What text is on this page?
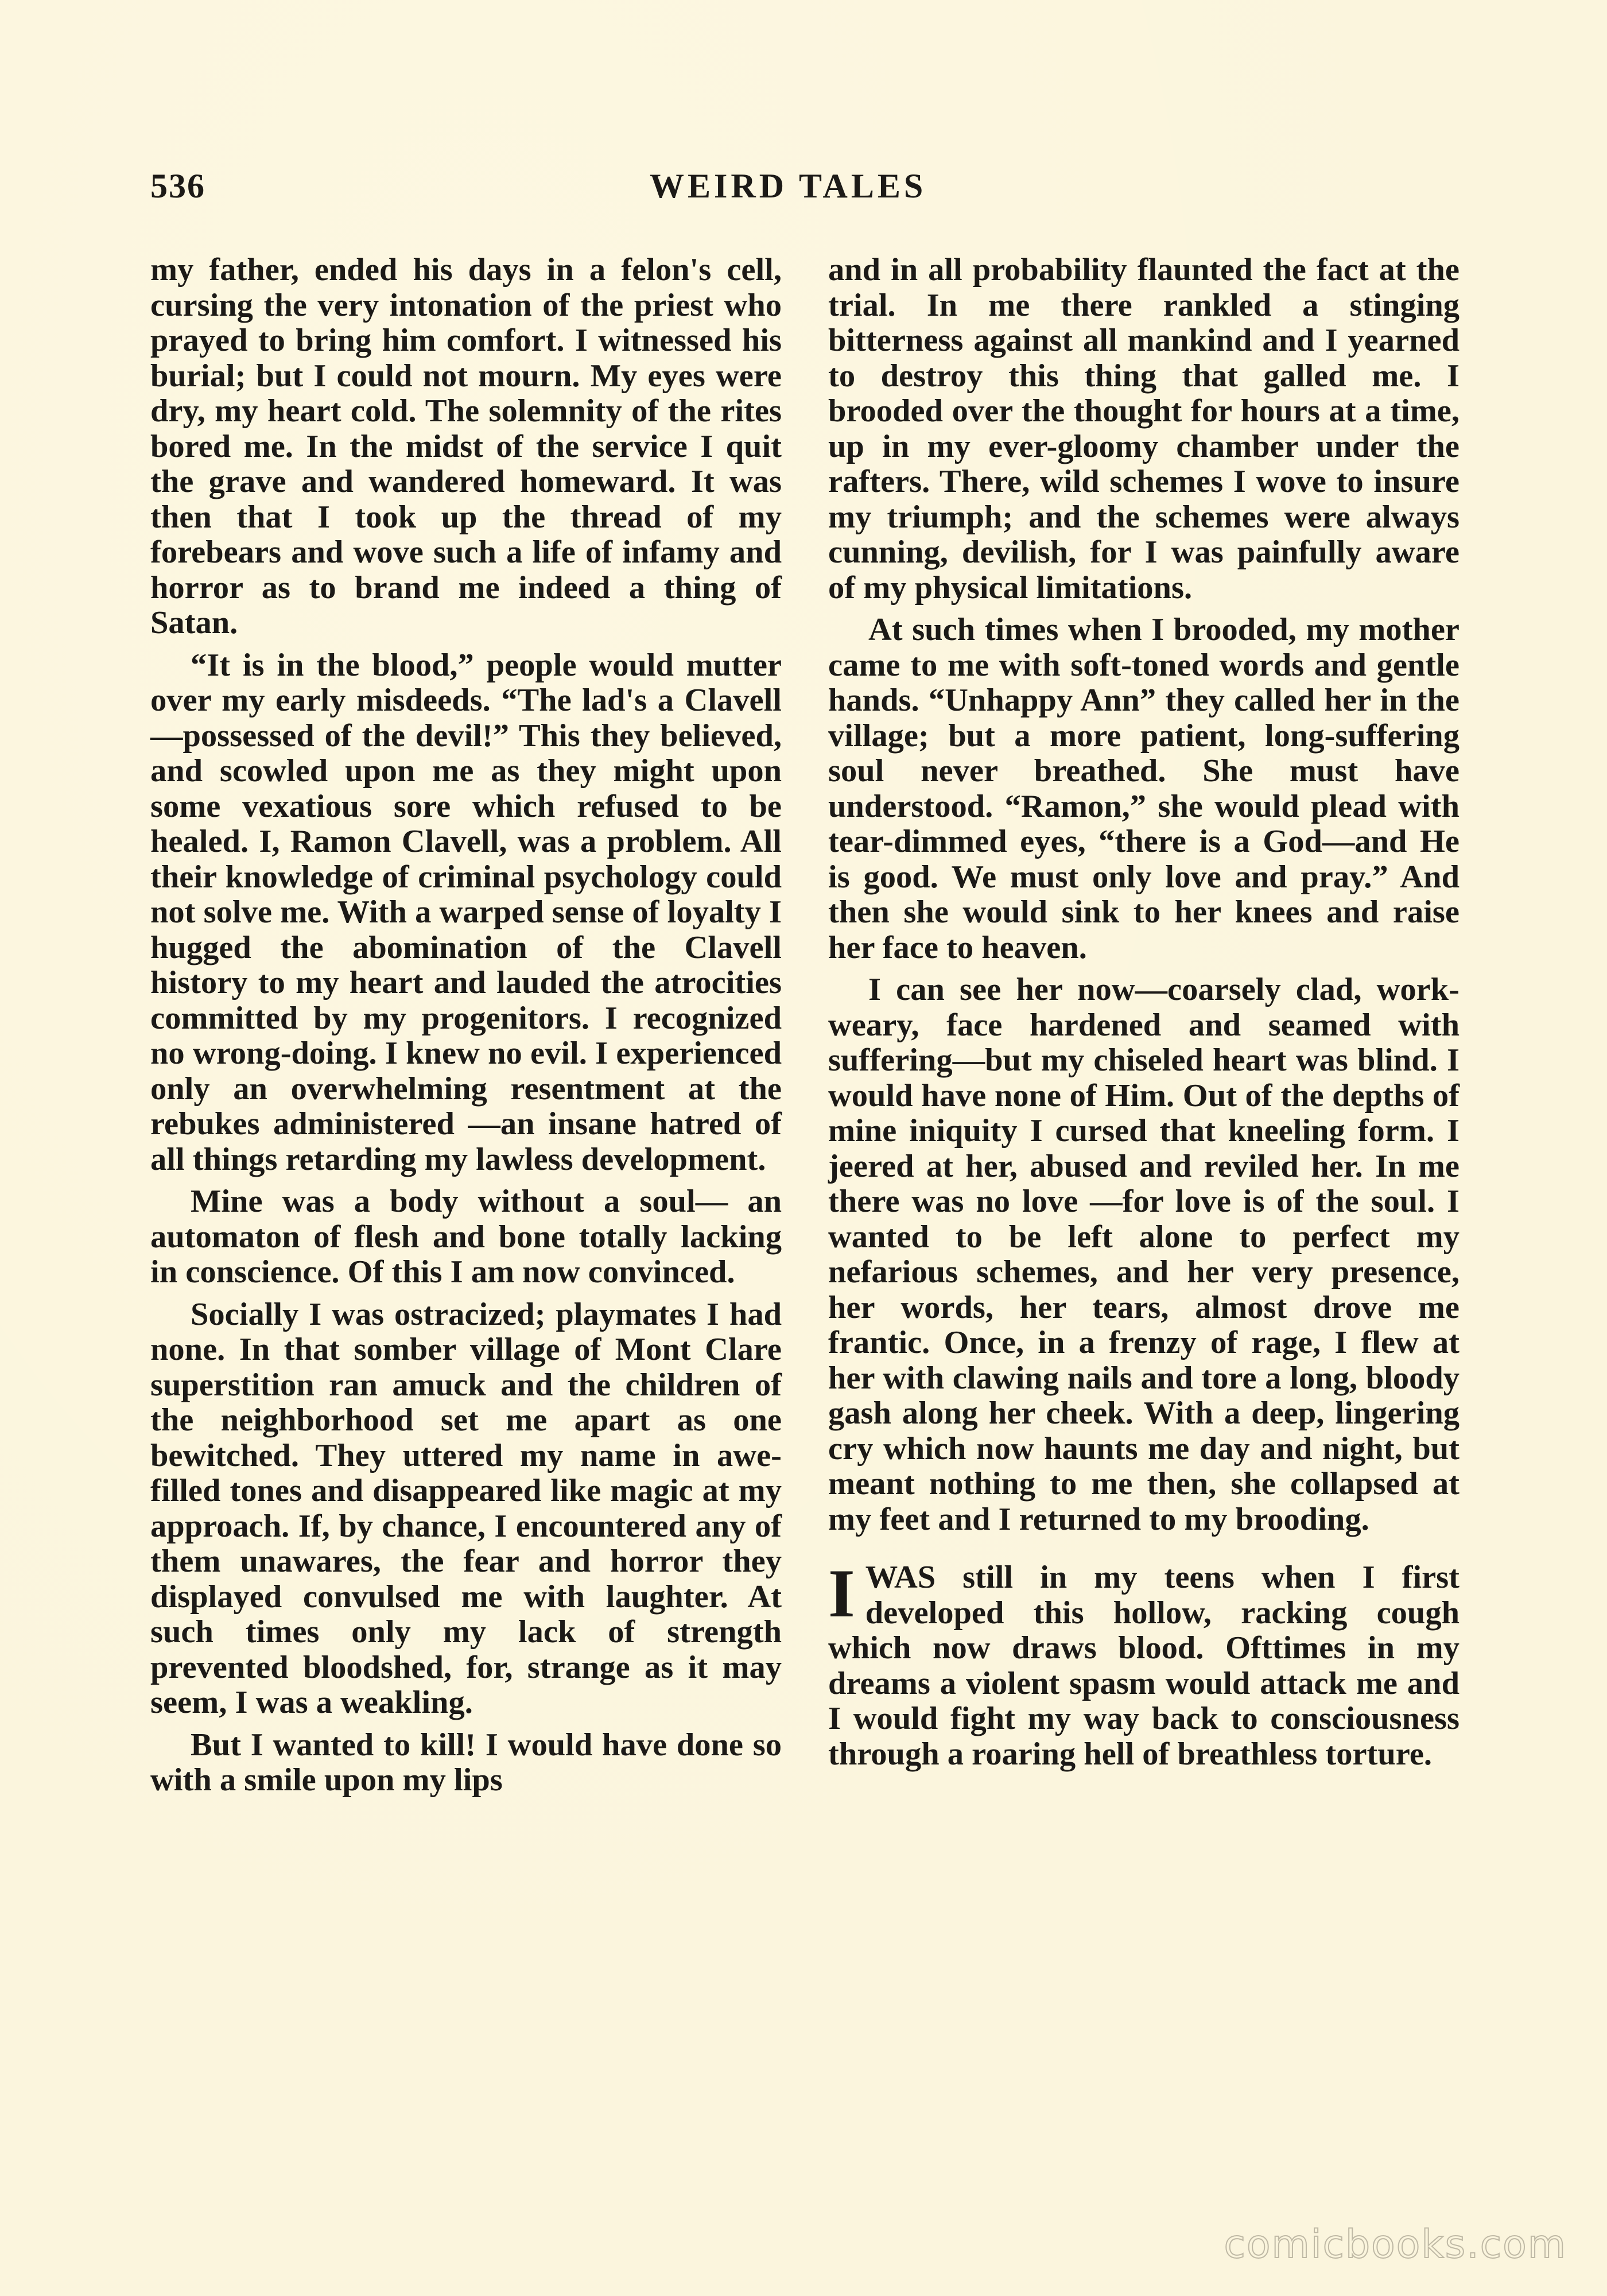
536	WEIRD TALES

my father, ended his days in a felon's cell, cursing the very intonation of the priest who prayed to bring him comfort. I witnessed his burial; but I could not mourn. My eyes were dry, my heart cold. The solemnity of the rites bored me. In the midst of the service I quit the grave and wandered homeward. It was then that I took up the thread of my forebears and wove such a life of infamy and horror as to brand me indeed a thing of Satan.

“It is in the blood,” people would mutter over my early misdeeds. “The lad's a Clavell—possessed of the devil!” This they believed, and scowled upon me as they might upon some vexatious sore which refused to be healed. I, Ramon Clavell, was a problem. All their knowledge of criminal psychology could not solve me. With a warped sense of loyalty I hugged the abomination of the Clavell history to my heart and lauded the atrocities committed by my progenitors. I recognized no wrong-doing. I knew no evil. I experienced only an overwhelming resentment at the rebukes administered —an insane hatred of all things retarding my lawless development.

Mine was a body without a soul— an automaton of flesh and bone totally lacking in conscience. Of this I am now convinced.

Socially I was ostracized; playmates I had none. In that somber village of Mont Clare superstition ran amuck and the children of the neighborhood set me apart as one bewitched. They uttered my name in awe-filled tones and disappeared like magic at my approach. If, by chance, I encountered any of them unawares, the fear and horror they displayed convulsed me with laughter. At such times only my lack of strength prevented bloodshed, for, strange as it may seem, I was a weakling.

But I wanted to kill! I would have done so with a smile upon my lips

and in all probability flaunted the fact at the trial. In me there rankled a stinging bitterness against all mankind and I yearned to destroy this thing that galled me. I brooded over the thought for hours at a time, up in my ever-gloomy chamber under the rafters. There, wild schemes I wove to insure my triumph; and the schemes were always cunning, devilish, for I was painfully aware of my physical limitations.

At such times when I brooded, my mother came to me with soft-toned words and gentle hands. “Unhappy Ann” they called her in the village; but a more patient, long-suffering soul never breathed. She must have understood. “Ramon,” she would plead with tear-dimmed eyes, “there is a God—and He is good. We must only love and pray.” And then she would sink to her knees and raise her face to heaven.

I can see her now—coarsely clad, work-weary, face hardened and seamed with suffering—but my chiseled heart was blind. I would have none of Him. Out of the depths of mine iniquity I cursed that kneeling form. I jeered at her, abused and reviled her. In me there was no love —for love is of the soul. I wanted to be left alone to perfect my nefarious schemes, and her very presence, her words, her tears, almost drove me frantic. Once, in a frenzy of rage, I flew at her with clawing nails and tore a long, bloody gash along her cheek. With a deep, lingering cry which now haunts me day and night, but meant nothing to me then, she collapsed at my feet and I returned to my brooding.

IWAS still in my teens when I first developed this hollow, racking cough which now draws blood. Ofttimes in my dreams a violent spasm would attack me and I would fight my way back to consciousness through a roaring hell of breathless torture.

comicbooks.com
